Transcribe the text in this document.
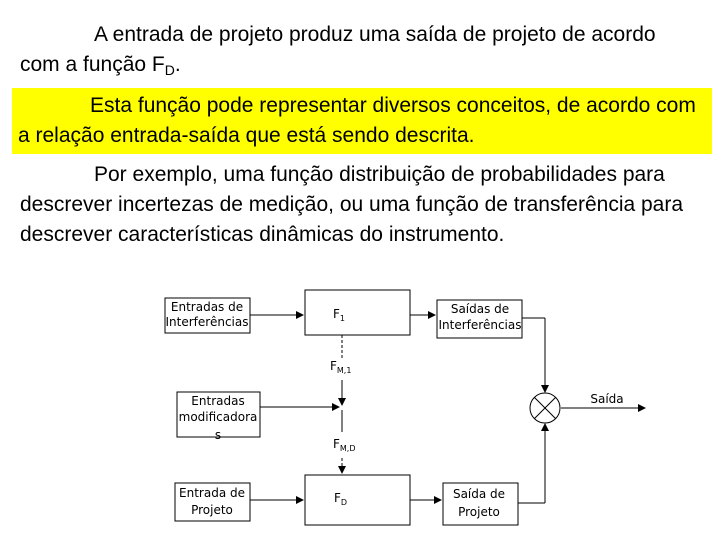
A entrada de projeto produz uma saída de projeto de acordo com a função $F_D$.

Esta função pode representar diversos conceitos, de acordo com a relação entrada-saída que está sendo descrita.

Por exemplo, uma função distribuição de probabilidades para descrever incertezas de medição, ou uma função de transferência para descrever características dinâmicas do instrumento.

Entradas de
Interferências
$F_1$
Saídas de
Interferências
$F_{M,1}$
Entradas
modificadora
s
Saída
$F_{M,D}$
Entrada de
Projeto
$F_D$
Saída de
Projeto
